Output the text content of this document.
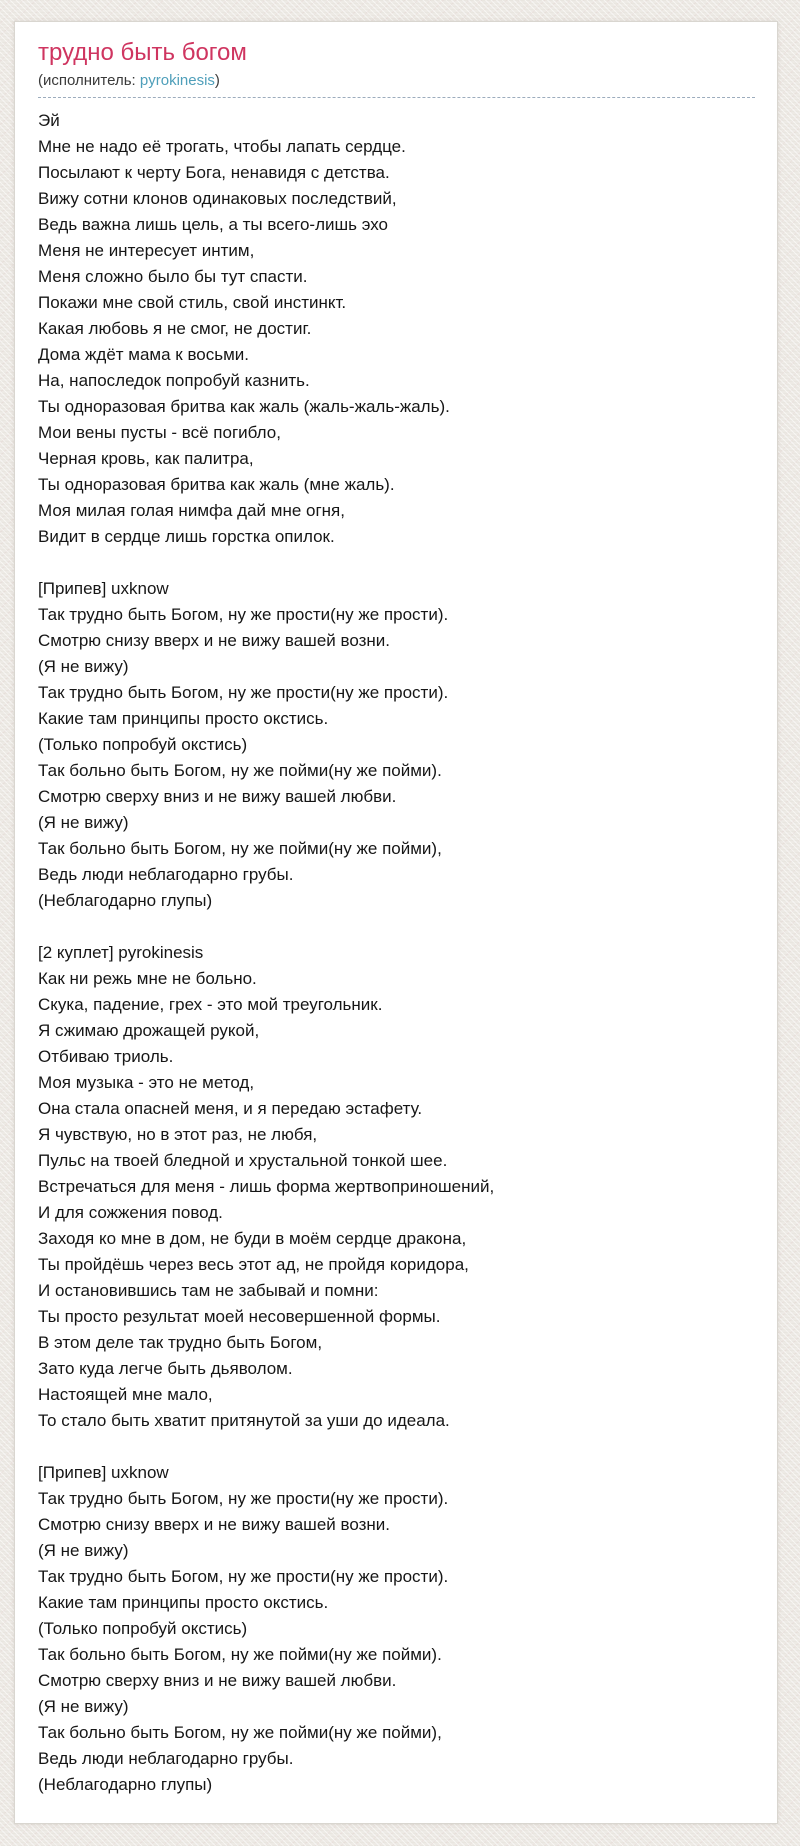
трудно быть богом
(исполнитель: pyrokinesis)
Эй
Мне не надо её трогать, чтобы лапать сердце.
Посылают к черту Бога, ненавидя с детства.
Вижу сотни клонов одинаковых последствий,
Ведь важна лишь цель, а ты всего-лишь эхо
Меня не интересует интим,
Меня сложно было бы тут спасти.
Покажи мне свой стиль, свой инстинкт.
Какая любовь я не смог, не достиг.
Дома ждёт мама к восьми.
На, напоследок попробуй казнить.
Ты одноразовая бритва как жаль (жаль-жаль-жаль).
Мои вены пусты - всё погибло,
Черная кровь, как палитра,
Ты одноразовая бритва как жаль (мне жаль).
Моя милая голая нимфа дай мне огня,
Видит в сердце лишь горстка опилок.
[Припев] uxknow
Так трудно быть Богом, ну же прости(ну же прости).
Смотрю снизу вверх и не вижу вашей возни.
(Я не вижу)
Так трудно быть Богом, ну же прости(ну же прости).
Какие там принципы просто окстись.
(Только попробуй окстись)
Так больно быть Богом, ну же пойми(ну же пойми).
Смотрю сверху вниз и не вижу вашей любви.
(Я не вижу)
Так больно быть Богом, ну же пойми(ну же пойми),
Ведь люди неблагодарно грубы.
(Неблагодарно глупы)
[2 куплет] pyrokinesis
Как ни режь мне не больно.
Скука, падение, грех - это мой треугольник.
Я сжимаю дрожащей рукой,
Отбиваю триоль.
Моя музыка - это не метод,
Она стала опасней меня, и я передаю эстафету.
Я чувствую, но в этот раз, не любя,
Пульс на твоей бледной и хрустальной тонкой шее.
Встречаться для меня - лишь форма жертвоприношений,
И для сожжения повод.
Заходя ко мне в дом, не буди в моём сердце дракона,
Ты пройдёшь через весь этот ад, не пройдя коридора,
И остановившись там не забывай и помни:
Ты просто результат моей несовершенной формы.
В этом деле так трудно быть Богом,
Зато куда легче быть дьяволом.
Настоящей мне мало,
То стало быть хватит притянутой за уши до идеала.
[Припев] uxknow
Так трудно быть Богом, ну же прости(ну же прости).
Смотрю снизу вверх и не вижу вашей возни.
(Я не вижу)
Так трудно быть Богом, ну же прости(ну же прости).
Какие там принципы просто окстись.
(Только попробуй окстись)
Так больно быть Богом, ну же пойми(ну же пойми).
Смотрю сверху вниз и не вижу вашей любви.
(Я не вижу)
Так больно быть Богом, ну же пойми(ну же пойми),
Ведь люди неблагодарно грубы.
(Неблагодарно глупы)
